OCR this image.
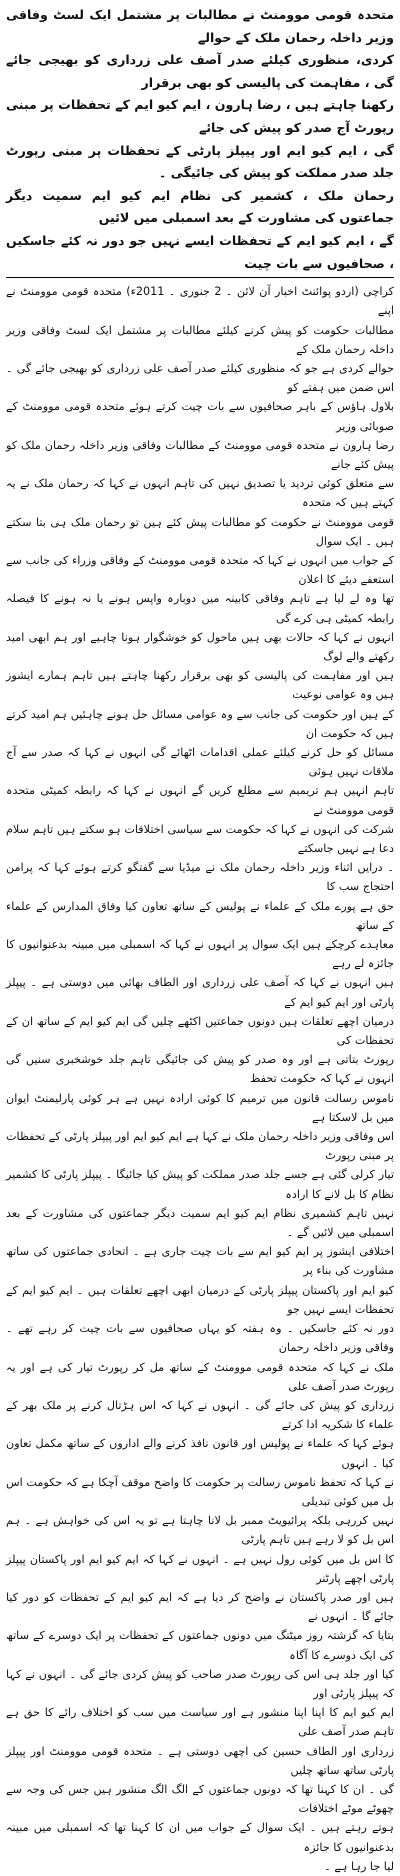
متحدہ قومی موومنٹ نے مطالبات پر مشتمل ایک لسٹ وفاقی وزیر داخلہ رحمان ملک کے حوالے
کردی، منظوری کیلئے صدر آصف علی زرداری کو بھیجی جائے گی ، مفاہمت کی پالیسی کو بھی برقرار
رکھنا چاہتے ہیں ، رضا ہارون ، ایم کیو ایم کے تحفظات پر مبنی رپورٹ آج صدر کو پیش کی جائے
گی ، ایم کیو ایم اور پیپلز پارٹی کے تحفظات پر مبنی رپورٹ جلد صدر مملکت کو پیش کی جائیگی ۔
رحمان ملک ، کشمیر کی نظام ایم کیو ایم سمیت دیگر جماعتوں کی مشاورت کے بعد اسمبلی میں لائیں
گے ، ایم کیو ایم کے تحفظات ایسے نہیں جو دور نہ کئے جاسکیں ، صحافیوں سے بات چیت

کراچی (اردو پوائنٹ اخبار آن لائن ۔ 2 جنوری ۔ 2011ء) متحدہ قومی موومنٹ نے اپنے
مطالبات حکومت کو پیش کرنے کیلئے مطالبات پر مشتمل ایک لسٹ وفاقی وزیر داخلہ رحمان ملک کے
حوالے کردی ہے جو کہ منظوری کیلئے صدر آصف علی زرداری کو بھیجی جائے گی ۔ اس ضمن میں ہفتے کو
بلاول ہاؤس کے باہر صحافیوں سے بات چیت کرتے ہوئے متحدہ قومی موومنٹ کے صوبائی وزیر
رضا ہارون نے متحدہ قومی موومنٹ کے مطالبات وفاقی وزیر داخلہ رحمان ملک کو پیش کئے جانے
سے متعلق کوئی تردید یا تصدیق نہیں کی تاہم انہوں نے کہا کہ رحمان ملک نے یہ کہتے ہیں کہ متحدہ
قومی موومنٹ نے حکومت کو مطالبات پیش کئے ہیں تو رحمان ملک ہی بتا سکتے ہیں ۔ ایک سوال
کے جواب میں انہوں نے کہا کہ متحدہ قومی موومنٹ کے وفاقی وزراء کی جانب سے استعفے دیئے کا اعلان
تھا وہ لے لیا ہے تاہم وفاقی کابینہ میں دوبارہ واپس ہونے یا نہ ہونے کا فیصلہ رابطہ کمیٹی ہی کرے گی
انہوں نے کہا کہ حالات بھی ہیں ماحول کو خوشگوار ہونا چاہیے اور ہم ابھی امید رکھتے والے لوگ
ہیں اور مفاہمت کی پالیسی کو بھی برقرار رکھنا چاہتے ہیں تاہم ہمارے ایشوز ہیں وہ عوامی نوعیت
کے ہیں اور حکومت کی جانب سے وہ عوامی مسائل حل ہونے چاہئیں ہم امید کرتے ہیں کہ حکومت ان
مسائل کو حل کرنے کیلئے عملی اقدامات اٹھائے گی انہوں نے کہا کہ صدر سے آج ملاقات نہیں ہوئی
تاہم انہیں ہم تریمیم سے مطلع کریں گے انہوں نے کہا کہ رابطہ کمیٹی متحدہ قومی موومنٹ نے
شرکت کی انہوں نے کہا کہ حکومت سے سیاسی اختلافات ہو سکتے ہیں تاہم سلام دعا ہے نہیں جاسکتے
۔ درایں اثناء وزیر داخلہ رحمان ملک نے میڈیا سے گفتگو کرتے ہوئے کہا کہ پرامن احتجاج سب کا
حق ہے پورے ملک کے علماء نے پولیس کے ساتھ تعاون کیا وفاق المدارس کے علماء کے ساتھ
معاہدے کرچکے ہیں ایک سوال پر انہوں نے کہا کہ اسمبلی میں مبینہ بدعنوانیوں کا جائزہ لے رہے
ہیں انہوں نے کہا کہ آصف علی زرداری اور الطاف بھائی میں دوستی ہے ۔ پیپلز پارٹی اور ایم کیو ایم کے
درمیان اچھے تعلقات ہیں دونوں جماعتیں اکٹھے چلیں گی ایم کیو ایم کے ساتھ ان کے تحفظات کی
رپورٹ بتاتی ہے اور وہ صدر کو پیش کی جائیگی تاہم جلد خوشخبری سنیں گی انہوں نے کہا کہ حکومت تحفظ
ناموس رسالت قانون میں ترمیم کا کوئی ارادہ نہیں ہے ہر کوئی پارلیمنٹ ایوان میں بل لاسکتا ہے
اس وفاقی وزیر داخلہ رحمان ملک نے کہا ہے ایم کیو ایم اور پیپلز پارٹی کے تحفظات پر مبنی رپورٹ
تیار کرلی گئی ہے جسے جلد صدر مملکت کو پیش کیا جائیگا ۔ پیپلز پارٹی کا کشمیر نظام کا بل لانے کا ارادہ
نہیں تاہم کشمیری نظام ایم کیو ایم سمیت دیگر جماعتوں کی مشاورت کے بعد اسمبلی میں لائیں گے ۔
اختلافی ایشوز پر ایم کیو ایم سے بات چیت جاری ہے ۔ اتحادی جماعتوں کی ساتھ مشاورت کی بناء پر
کیو ایم اور پاکستان پیپلز پارٹی کے درمیان ابھی اچھے تعلقات ہیں ۔ ایم کیو ایم کے تحفظات ایسے نہیں جو
دور نہ کئے جاسکیں ۔ وہ ہفتہ کو یہاں صحافیوں سے بات چیت کر رہے تھے ۔ وفاقی وزیر داخلہ رحمان
ملک نے کہا کہ متحدہ قومی موومنٹ کے ساتھ مل کر رپورٹ تیار کی ہے اور یہ رپورٹ صدر آصف علی
زرداری کو پیش کی جائے گی ۔ انہوں نے کہا کہ اس ہڑتال کرنے پر ملک بھر کے علماء کا شکریہ ادا کرتے
ہوئے کہا کہ علماء نے پولیس اور قانون نافذ کرنے والے اداروں کے ساتھ مکمل تعاون کیا ۔ انہوں
نے کہا کہ تحفظ ناموس رسالت پر حکومت کا واضح موقف آچکا ہے کہ حکومت اس بل میں کوئی تبدیلی
نہیں کررہی بلکہ پرائیویٹ ممبر بل لانا چاہتا ہے تو یہ اس کی خواہش ہے ۔ ہم اس بل کو لا رہے ہیں تاہم پارٹی
کا اس بل میں کوئی رول نہیں ہے ۔ انہوں نے کہا کہ ایم کیو ایم اور پاکستان پیپلز پارٹی اچھے پارٹنر
ہیں اور صدر پاکستان نے واضح کر دیا ہے کہ ایم کیو ایم کے تحفظات کو دور کیا جائے گا ۔ انہوں نے
بتایا کہ گزشتہ روز میٹنگ میں دونوں جماعتوں کے تحفظات پر ایک دوسرے کے ساتھ کی ایک دوسرے کا آگاہ
کیا اور جلد ہی اس کی رپورٹ صدر صاحب کو پیش کردی جائے گی ۔ انہوں نے کہا کہ پیپلز پارٹی اور
ایم کیو ایم کا اپنا اپنا منشور ہے اور سیاست میں سب کو اختلاف رائے کا حق ہے تاہم صدر آصف علی
زرداری اور الطاف حسین کی اچھی دوستی ہے ۔ متحدہ قومی موومنٹ اور پیپلز پارٹی ساتھ ساتھ چلیں
گی ۔ ان کا کہنا تھا کہ دونوں جماعتوں کے الگ الگ منشور ہیں جس کی وجہ سے چھوٹے موٹے اختلافات
ہوتے رہتے ہیں ۔ ایک سوال کے جواب میں ان کا کہنا تھا کہ اسمبلی میں مبینہ بدعنوانیوں کا جائزہ
لیا جا رہا ہے ۔
